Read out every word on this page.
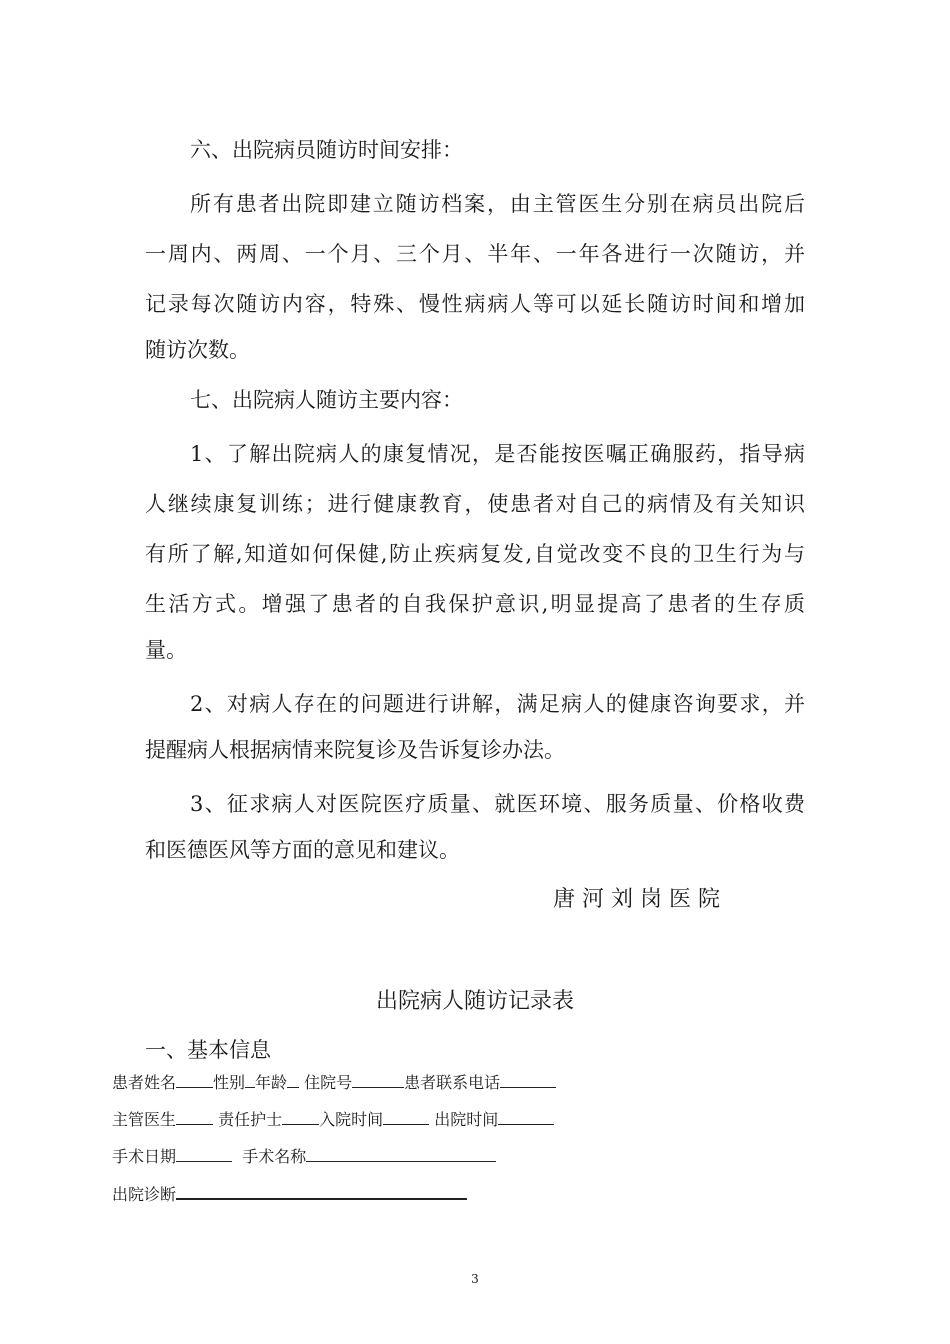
六、出院病员随访时间安排：
所有患者出院即建立随访档案，由主管医生分别在病员出院后
一周内、两周、一个月、三个月、半年、一年各进行一次随访，并
记录每次随访内容，特殊、慢性病病人等可以延长随访时间和增加
随访次数。
七、出院病人随访主要内容：
1、了解出院病人的康复情况，是否能按医嘱正确服药，指导病
人继续康复训练；进行健康教育，使患者对自己的病情及有关知识
有所了解,知道如何保健,防止疾病复发,自觉改变不良的卫生行为与
生活方式。增强了患者的自我保护意识,明显提高了患者的生存质
量。
2、对病人存在的问题进行讲解，满足病人的健康咨询要求，并
提醒病人根据病情来院复诊及告诉复诊办法。
3、征求病人对医院医疗质量、就医环境、服务质量、价格收费
和医德医风等方面的意见和建议。
唐河刘岗医院
出院病人随访记录表
一、基本信息
患者姓名 性别 年龄 住院号	患者联系电话
主管医生	责任护士 入院时间	出院时间
手术日期	手术名称
出院诊断
3
